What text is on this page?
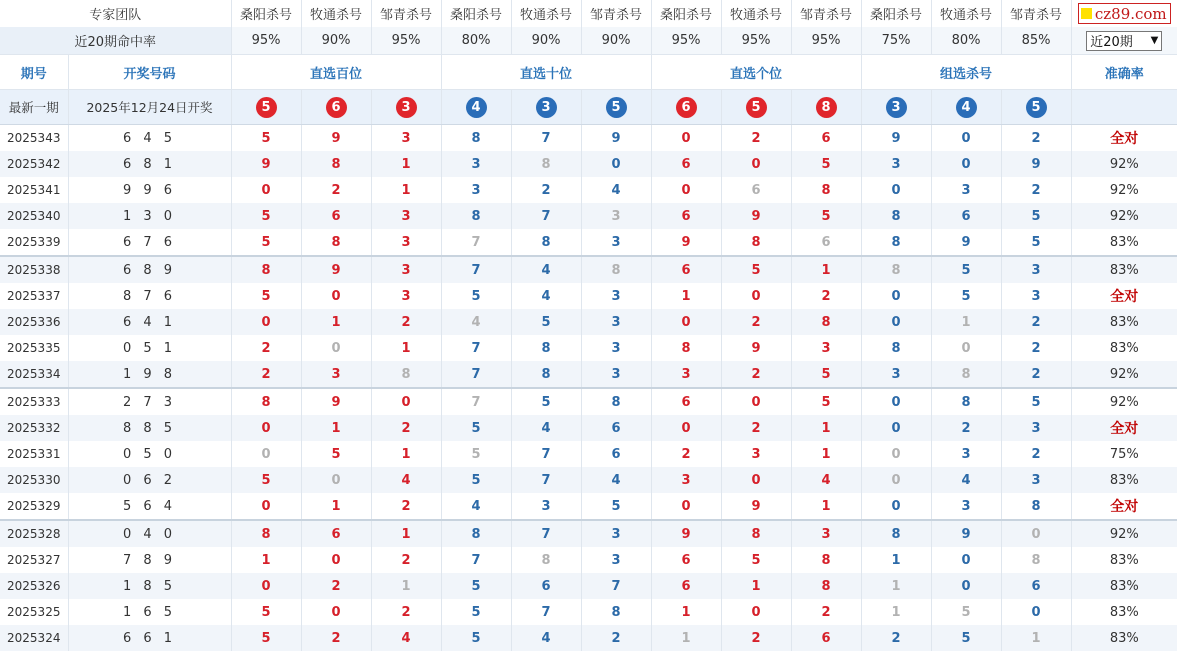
专家团队		桑阳杀号	牧通杀号	邹青杀号	桑阳杀号	牧通杀号	邹青杀号	桑阳杀号	牧通杀号	邹青杀号	桑阳杀号	牧通杀号	邹青杀号	cz89.com

近20期命中率		95%	90%	95%	80%	90%	90%	95%	95%	95%	75%	80%	85%	近20期 ▼

期号	开奖号码	直选百位			直选十位			直选个位			组选杀号			准确率
最新一期	2025年12月24日开奖	5	6	3	4	3	5	6	5	8	3	4	5	
2025343	6 4 5	5	9	3	8	7	9	0	2	6	9	0	2	全对
2025342	6 8 1	9	8	1	3	8	0	6	0	5	3	0	9	92%
2025341	9 9 6	0	2	1	3	2	4	0	6	8	0	3	2	92%
2025340	1 3 0	5	6	3	8	7	3	6	9	5	8	6	5	92%
2025339	6 7 6	5	8	3	7	8	3	9	8	6	8	9	5	83%
2025338	6 8 9	8	9	3	7	4	8	6	5	1	8	5	3	83%
2025337	8 7 6	5	0	3	5	4	3	1	0	2	0	5	3	全对
2025336	6 4 1	0	1	2	4	5	3	0	2	8	0	1	2	83%
2025335	0 5 1	2	0	1	7	8	3	8	9	3	8	0	2	83%
2025334	1 9 8	2	3	8	7	8	3	3	2	5	3	8	2	92%
2025333	2 7 3	8	9	0	7	5	8	6	0	5	0	8	5	92%
2025332	8 8 5	0	1	2	5	4	6	0	2	1	0	2	3	全对
2025331	0 5 0	0	5	1	5	7	6	2	3	1	0	3	2	75%
2025330	0 6 2	5	0	4	5	7	4	3	0	4	0	4	3	83%
2025329	5 6 4	0	1	2	4	3	5	0	9	1	0	3	8	全对
2025328	0 4 0	8	6	1	8	7	3	9	8	3	8	9	0	92%
2025327	7 8 9	1	0	2	7	8	3	6	5	8	1	0	8	83%
2025326	1 8 5	0	2	1	5	6	7	6	1	8	1	0	6	83%
2025325	1 6 5	5	0	2	5	7	8	1	0	2	1	5	0	83%
2025324	6 6 1	5	2	4	5	4	2	1	2	6	2	5	1	83%
